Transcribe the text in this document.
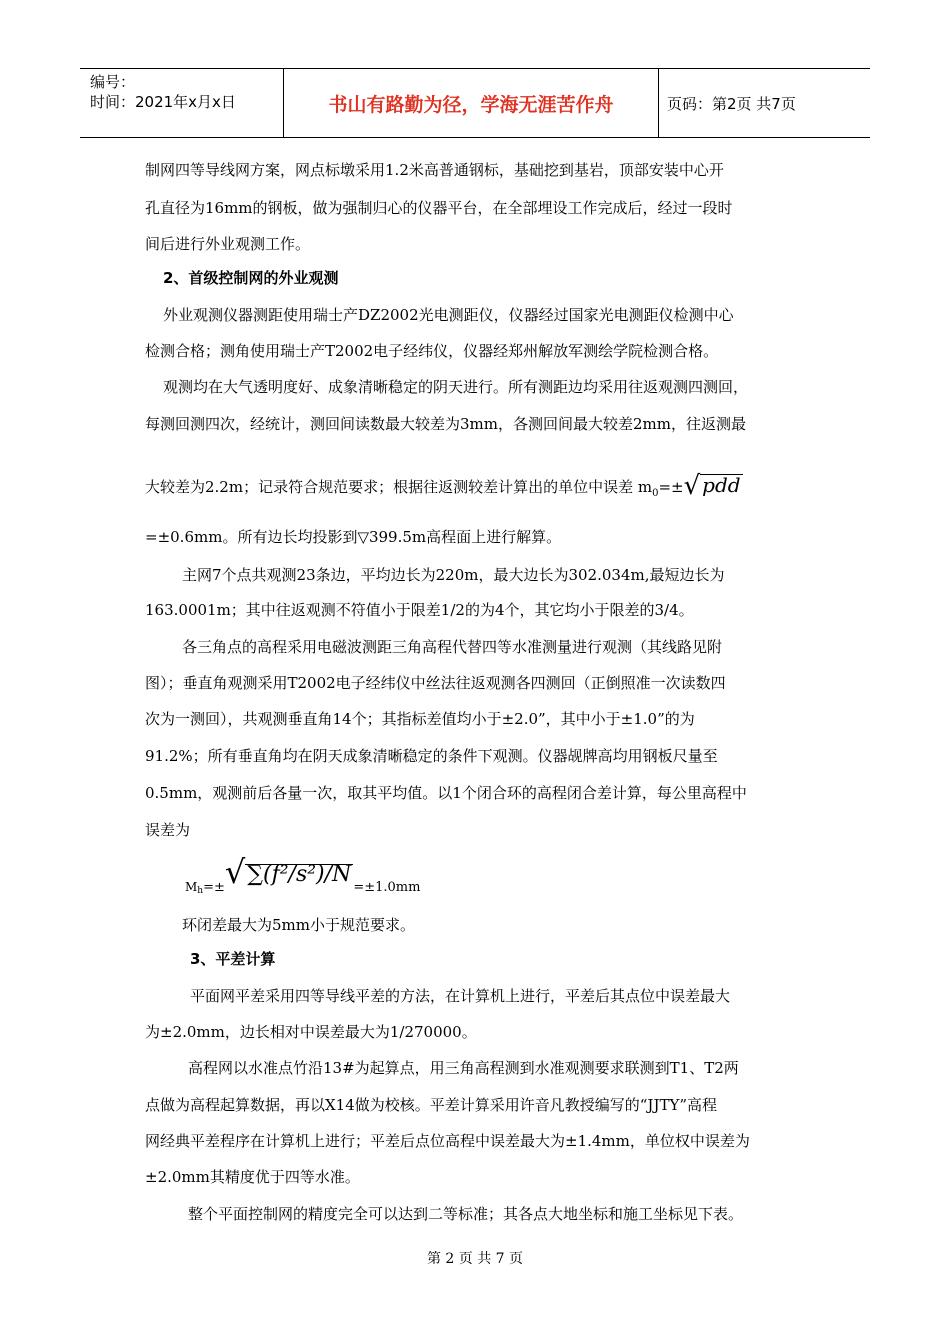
编号：
时间：2021年x月x日	书山有路勤为径，学海无涯苦作舟	页码：第2页 共7页
制网四等导线网方案，网点标墩采用1.2米高普通钢标，基础挖到基岩，顶部安装中心开
孔直径为16mm的钢板，做为强制归心的仪器平台，在全部埋设工作完成后，经过一段时
间后进行外业观测工作。
2、首级控制网的外业观测
外业观测仪器测距使用瑞士产DZ2002光电测距仪，仪器经过国家光电测距仪检测中心
检测合格；测角使用瑞士产T2002电子经纬仪，仪器经郑州解放军测绘学院检测合格。
观测均在大气透明度好、成象清晰稳定的阴天进行。所有测距边均采用往返观测四测回，
每测回测四次，经统计，测回间读数最大较差为3mm，各测回间最大较差2mm，往返测最
大较差为2.2m；记录符合规范要求；根据往返测较差计算出的单位中误差 $m_0=\pm√$ pdd
=±0.6mm。所有边长均投影到▽399.5m高程面上进行解算。
主网7个点共观测23条边，平均边长为220m，最大边长为302.034m,最短边长为
163.0001m；其中往返观测不符值小于限差1/2的为4个，其它均小于限差的3/4。
各三角点的高程采用电磁波测距三角高程代替四等水准测量进行观测（其线路见附
图）；垂直角观测采用T2002电子经纬仪中丝法往返观测各四测回（正倒照准一次读数四
次为一测回），共观测垂直角14个；其指标差值均小于±2.0”，其中小于±1.0”的为
91.2%；所有垂直角均在阴天成象清晰稳定的条件下观测。仪器觇牌高均用钢板尺量至
0.5mm，观测前后各量一次，取其平均值。以1个闭合环的高程闭合差计算，每公里高程中
误差为
$_{Mh}$=±√∑(f²/s²)/N=±1.0mm
环闭差最大为5mm小于规范要求。
3、平差计算
平面网平差采用四等导线平差的方法，在计算机上进行，平差后其点位中误差最大
为±2.0mm，边长相对中误差最大为1/270000。
高程网以水准点竹沿13#为起算点，用三角高程测到水准观测要求联测到T1、T2两
点做为高程起算数据，再以X14做为校核。平差计算采用许音凡教授编写的“JJTY”高程
网经典平差程序在计算机上进行；平差后点位高程中误差最大为±1.4mm，单位权中误差为
±2.0mm其精度优于四等水准。
整个平面控制网的精度完全可以达到二等标准；其各点大地坐标和施工坐标见下表。
第 2 页 共 7 页
